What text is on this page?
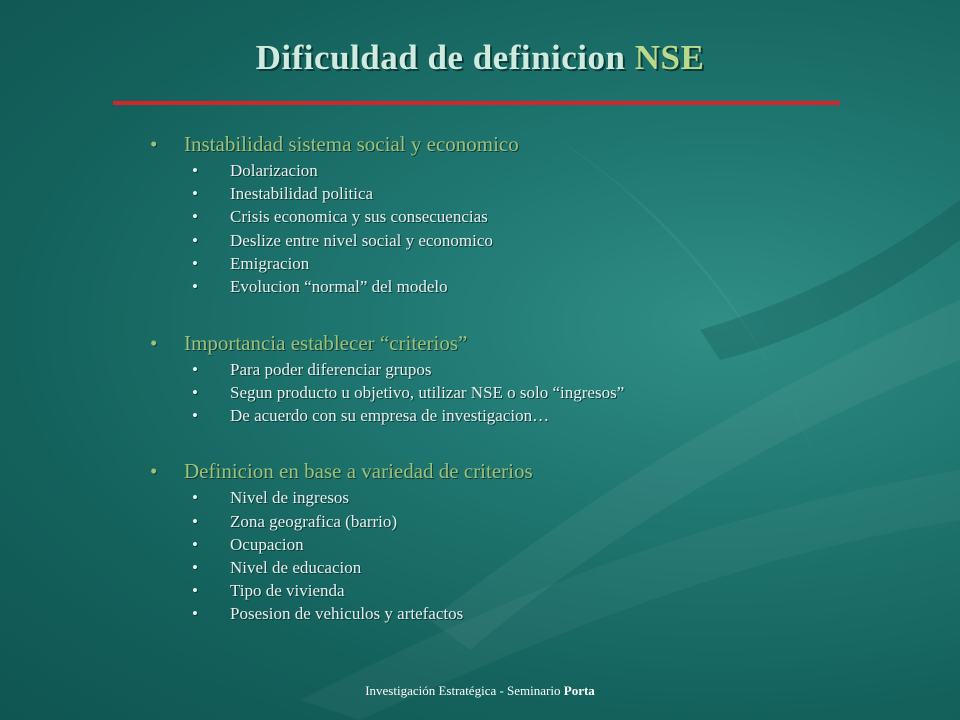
Dificuldad de definicion NSE
• Instabilidad sistema social y economico
• Dolarizacion
• Inestabilidad politica
• Crisis economica y sus consecuencias
• Deslize entre nivel social y economico
• Emigracion
• Evolucion “normal” del modelo
• Importancia establecer “criterios”
• Para poder diferenciar grupos
• Segun producto u objetivo, utilizar NSE o solo “ingresos”
• De acuerdo con su empresa de investigacion…
• Definicion en base a variedad de criterios
• Nivel de ingresos
• Zona geografica (barrio)
• Ocupacion
• Nivel de educacion
• Tipo de vivienda
• Posesion de vehiculos y artefactos
Investigación Estratégica - Seminario Porta
